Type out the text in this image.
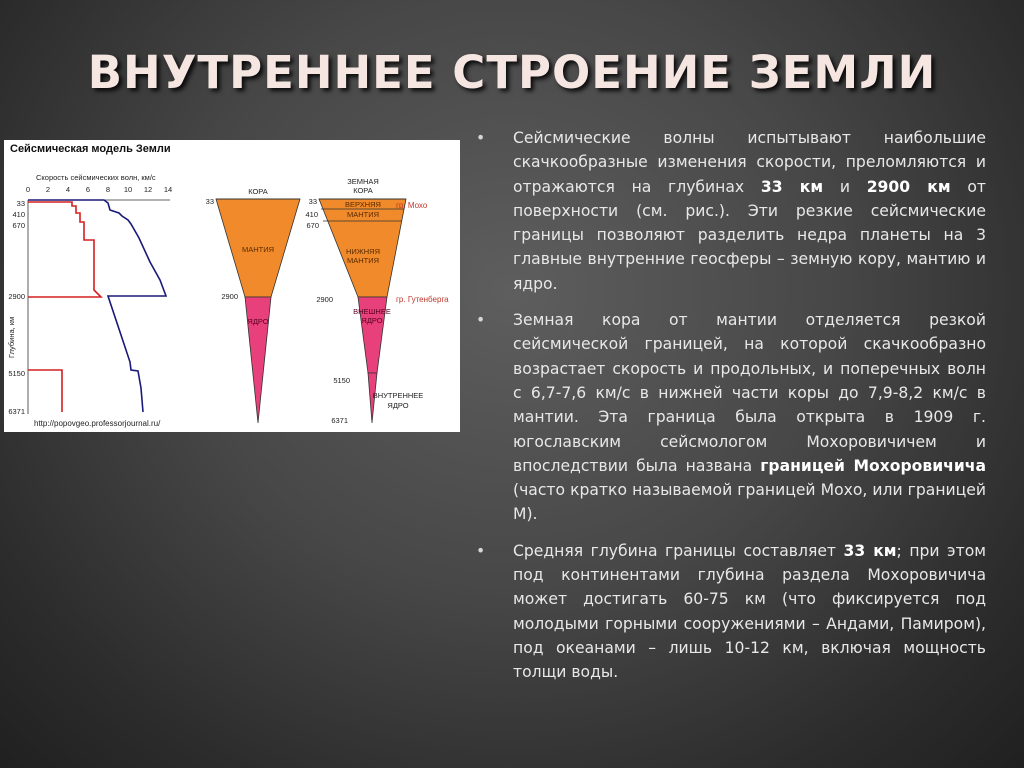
ВНУТРЕННЕЕ СТРОЕНИЕ ЗЕМЛИ
Сейсмическая модель Земли
Скорость сейсмических волн, км/с
0 2 4 6 8 10 12 14
33
410
670
2900
5150
6371
Глубина, км
http://popovgeo.professorjournal.ru/
КОРА
МАНТИЯ
ЯДРО
33
2900
ЗЕМНАЯ
КОРА
ВЕРХНЯЯ
МАНТИЯ
НИЖНЯЯ
МАНТИЯ
ВНЕШНЕЕ
ЯДРО
ВНУТРЕННЕЕ
ЯДРО
33
410
670
2900
5150
6371
гр. Мохо
гр. Гутенберга

• Сейсмические волны испытывают наибольшие скачкообразные изменения скорости, преломляются и отражаются на глубинах 33 км и 2900 км от поверхности (см. рис.). Эти резкие сейсмические границы позволяют разделить недра планеты на 3 главные внутренние геосферы – земную кору, мантию и ядро.

• Земная кора от мантии отделяется резкой сейсмической границей, на которой скачкообразно возрастает скорость и продольных, и поперечных волн с 6,7-7,6 км/с в нижней части коры до 7,9-8,2 км/с в мантии. Эта граница была открыта в 1909 г. югославским сейсмологом Мохоровичичем и впоследствии была названа границей Мохоровичича (часто кратко называемой границей Мохо, или границей М).

• Средняя глубина границы составляет 33 км; при этом под континентами глубина раздела Мохоровичича может достигать 60-75 км (что фиксируется под молодыми горными сооружениями – Андами, Памиром), под океанами – лишь 10-12 км, включая мощность толщи воды.
